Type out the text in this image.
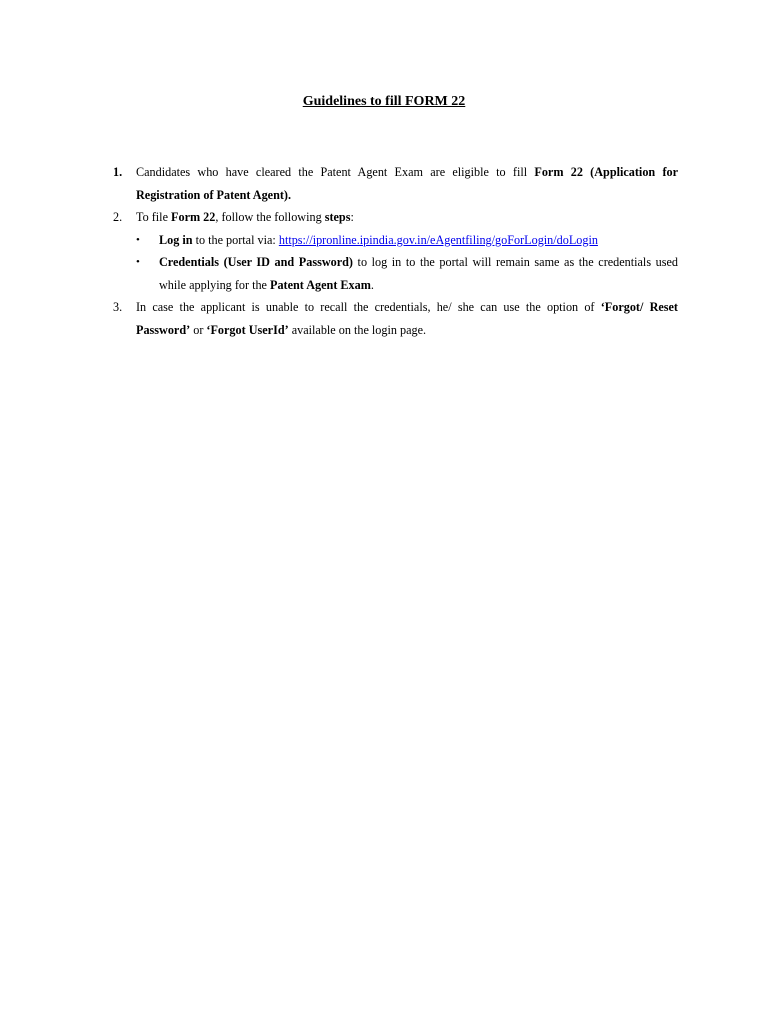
Guidelines to fill FORM 22
1.	Candidates who have cleared the Patent Agent Exam are eligible to fill Form 22 (Application for Registration of Patent Agent).
2.	To file Form 22, follow the following steps:
•	Log in to the portal via: https://ipronline.ipindia.gov.in/eAgentfiling/goForLogin/doLogin
•	Credentials (User ID and Password) to log in to the portal will remain same as the credentials used while applying for the Patent Agent Exam.
3.	In case the applicant is unable to recall the credentials, he/ she can use the option of ‘Forgot/ Reset Password’ or ‘Forgot UserId’ available on the login page.
